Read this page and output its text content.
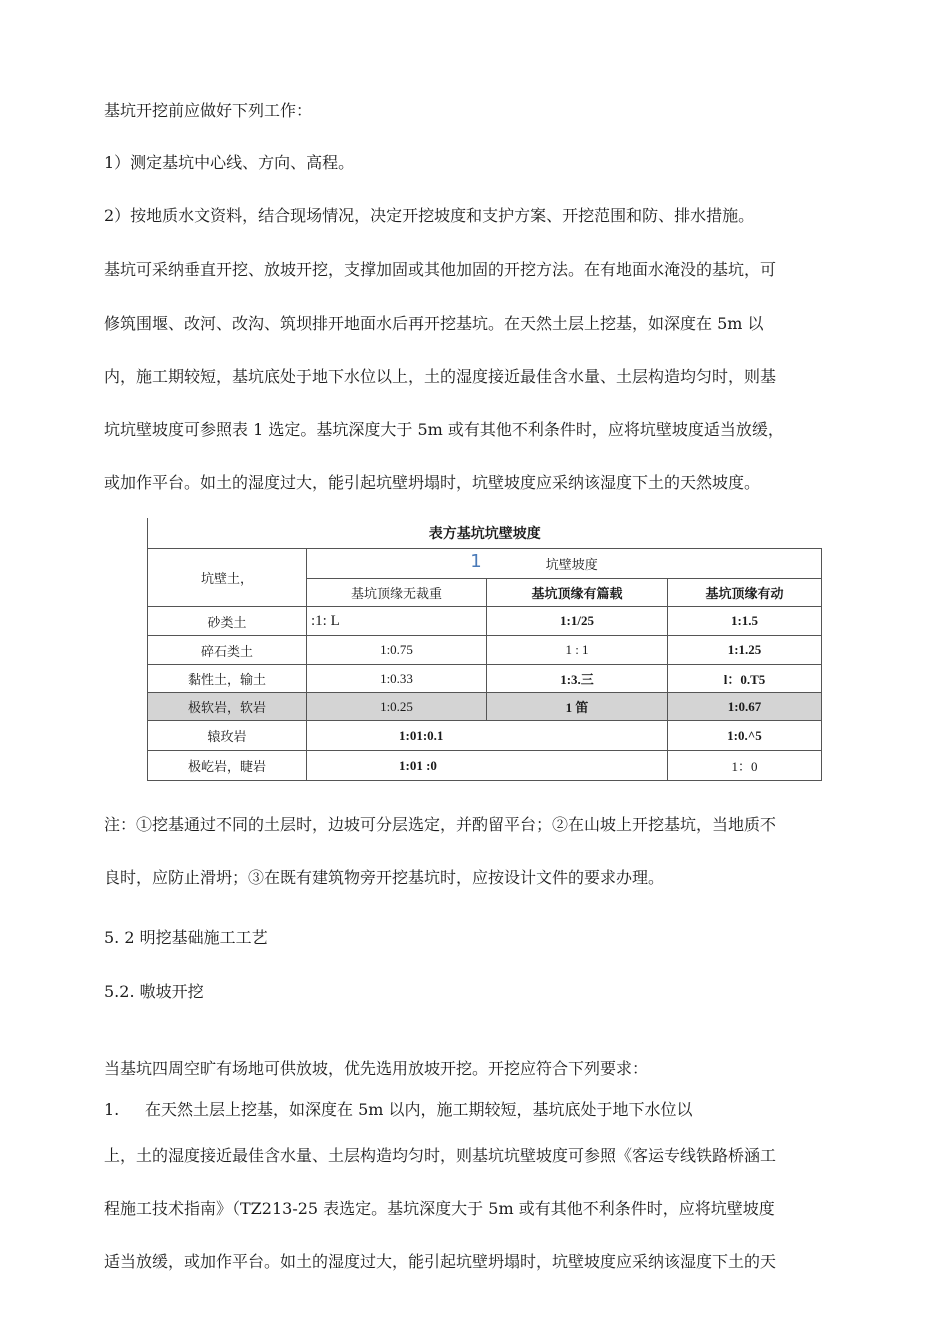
基坑开挖前应做好下列工作：
1）测定基坑中心线、方向、高程。
2）按地质水文资料，结合现场情况，决定开挖坡度和支护方案、开挖范围和防、排水措施。
基坑可采纳垂直开挖、放坡开挖，支撑加固或其他加固的开挖方法。在有地面水淹没的基坑，可
修筑围堰、改河、改沟、筑坝排开地面水后再开挖基坑。在天然土层上挖基，如深度在 5m 以
内，施工期较短，基坑底处于地下水位以上，土的湿度接近最佳含水量、土层构造均匀时，则基
坑坑壁坡度可参照表 1 选定。基坑深度大于 5m 或有其他不利条件时，应将坑壁坡度适当放缓，
或加作平台。如土的湿度过大，能引起坑壁坍塌时，坑壁坡度应采纳该湿度下土的天然坡度。
表方基坑坑壁坡度			
坑壁土，	1 坑壁坡度		
	基坑顶缘无裁重	基坑顶缘有篇载	基坑顶缘有动
砂类土	:1: L	1:1/25	1:1.5
碎石类土	1:0.75	1 : 1	1:1.25
黏性土，输土	1:0.33	1:3.三	l：0.T5
极软岩，软岩	1:0.25	1 笛	1:0.67
辕玫岩	1:01:0.1		1:0.^5
极屹岩，睫岩	1:01 :0		1：0
注：①挖基通过不同的土层时，边坡可分层选定，并酌留平台；②在山坡上开挖基坑，当地质不
良时，应防止滑坍；③在既有建筑物旁开挖基坑时，应按设计文件的要求办理。
5. 2 明挖基础施工工艺
5.2. 嗷坡开挖
当基坑四周空旷有场地可供放坡，优先选用放坡开挖。开挖应符合下列要求：
1. 在天然土层上挖基，如深度在 5m 以内，施工期较短，基坑底处于地下水位以
上，土的湿度接近最佳含水量、土层构造均匀时，则基坑坑壁坡度可参照《客运专线铁路桥涵工
程施工技术指南》（TZ213-25 表选定。基坑深度大于 5m 或有其他不利条件时，应将坑壁坡度
适当放缓，或加作平台。如土的湿度过大，能引起坑壁坍塌时，坑壁坡度应采纳该湿度下土的天
